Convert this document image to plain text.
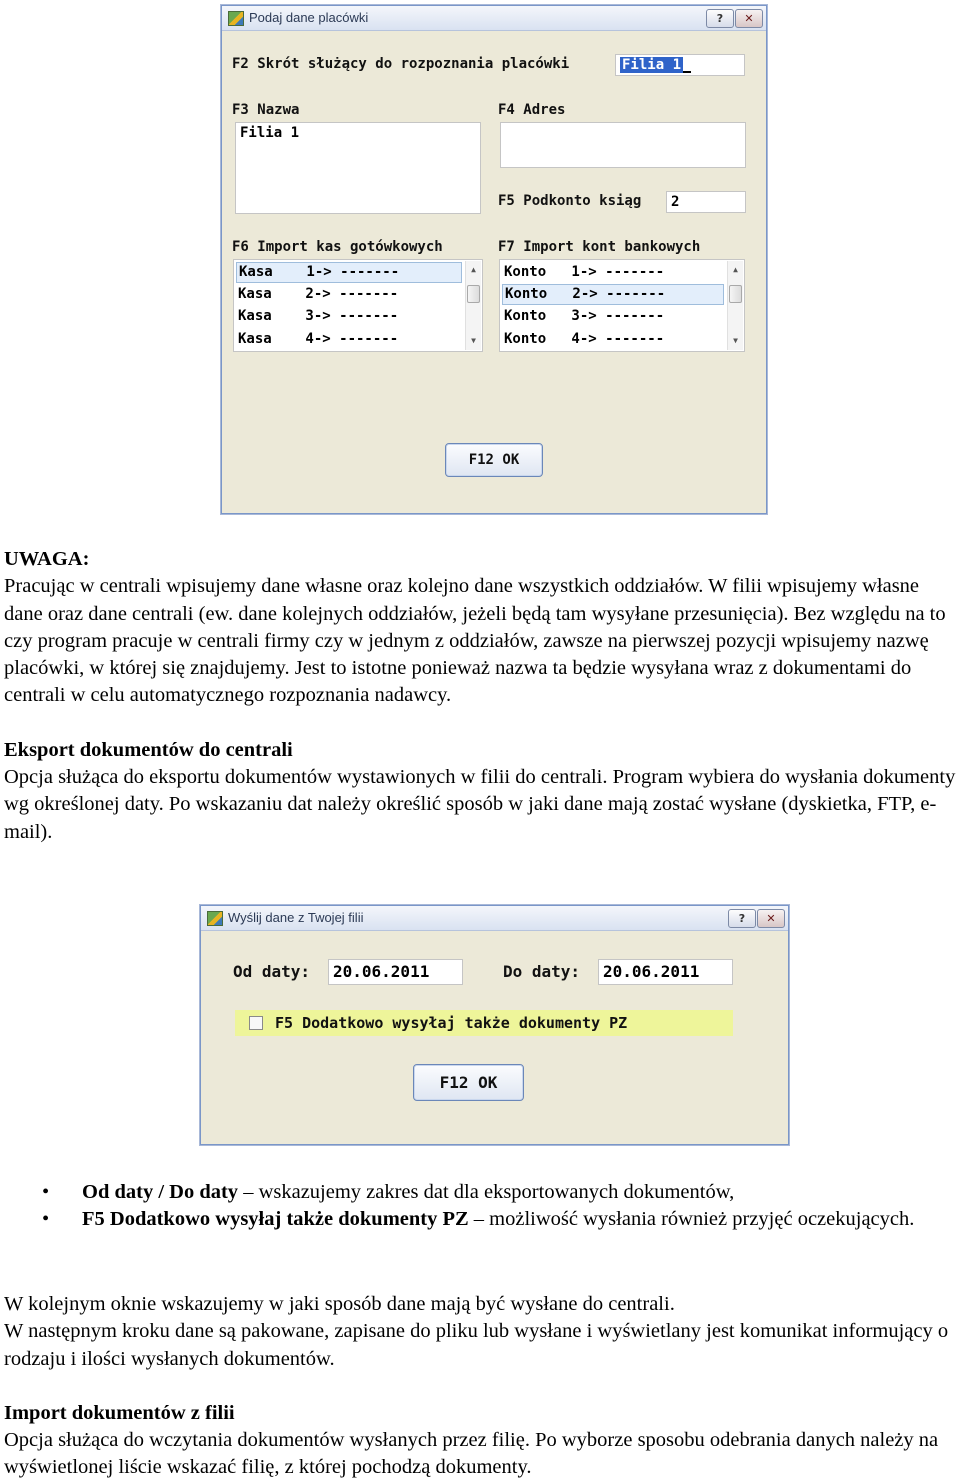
Podaj dane placówki	?	✕
F2 Skrót służący do rozpoznania placówki	Filia 1
F3 Nazwa
Filia 1
F4 Adres
F5 Podkonto ksiąg	2
F6 Import kas gotówkowych
Kasa    1-> -------
Kasa    2-> -------
Kasa    3-> -------
Kasa    4-> -------
▲
▼
F7 Import kont bankowych
Konto   1-> -------
Konto   2-> -------
Konto   3-> -------
Konto   4-> -------
▲
▼
F12 OK

UWAGA:

Pracując w centrali wpisujemy dane własne oraz kolejno dane wszystkich oddziałów. W filii wpisujemy własne dane oraz dane centrali (ew. dane kolejnych oddziałów, jeżeli będą tam wysyłane przesunięcia). Bez względu na to czy program pracuje w centrali firmy czy w jednym z oddziałów, zawsze na pierwszej pozycji wpisujemy nazwę placówki, w której się znajdujemy. Jest to istotne ponieważ nazwa ta będzie wysyłana wraz z dokumentami do centrali w celu automatycznego rozpoznania nadawcy.

Eksport dokumentów do centrali

Opcja służąca do eksportu dokumentów wystawionych w filii do centrali. Program wybiera do wysłania dokumenty wg określonej daty. Po wskazaniu dat należy określić sposób w jaki dane mają zostać wysłane (dyskietka, FTP, e-mail).

Wyślij dane z Twojej filii	?	✕
Od daty:	20.06.2011	Do daty:	20.06.2011
F5 Dodatkowo wysyłaj także dokumenty PZ
F12 OK
• Od daty / Do daty – wskazujemy zakres dat dla eksportowanych dokumentów,
• F5 Dodatkowo wysyłaj także dokumenty PZ – możliwość wysłania również przyjęć oczekujących.

W kolejnym oknie wskazujemy w jaki sposób dane mają być wysłane do centrali.

W następnym kroku dane są pakowane, zapisane do pliku lub wysłane i wyświetlany jest komunikat informujący o rodzaju i ilości wysłanych dokumentów.

Import dokumentów z filii

Opcja służąca do wczytania dokumentów wysłanych przez filię. Po wyborze sposobu odebrania danych należy na wyświetlonej liście wskazać filię, z której pochodzą dokumenty.
